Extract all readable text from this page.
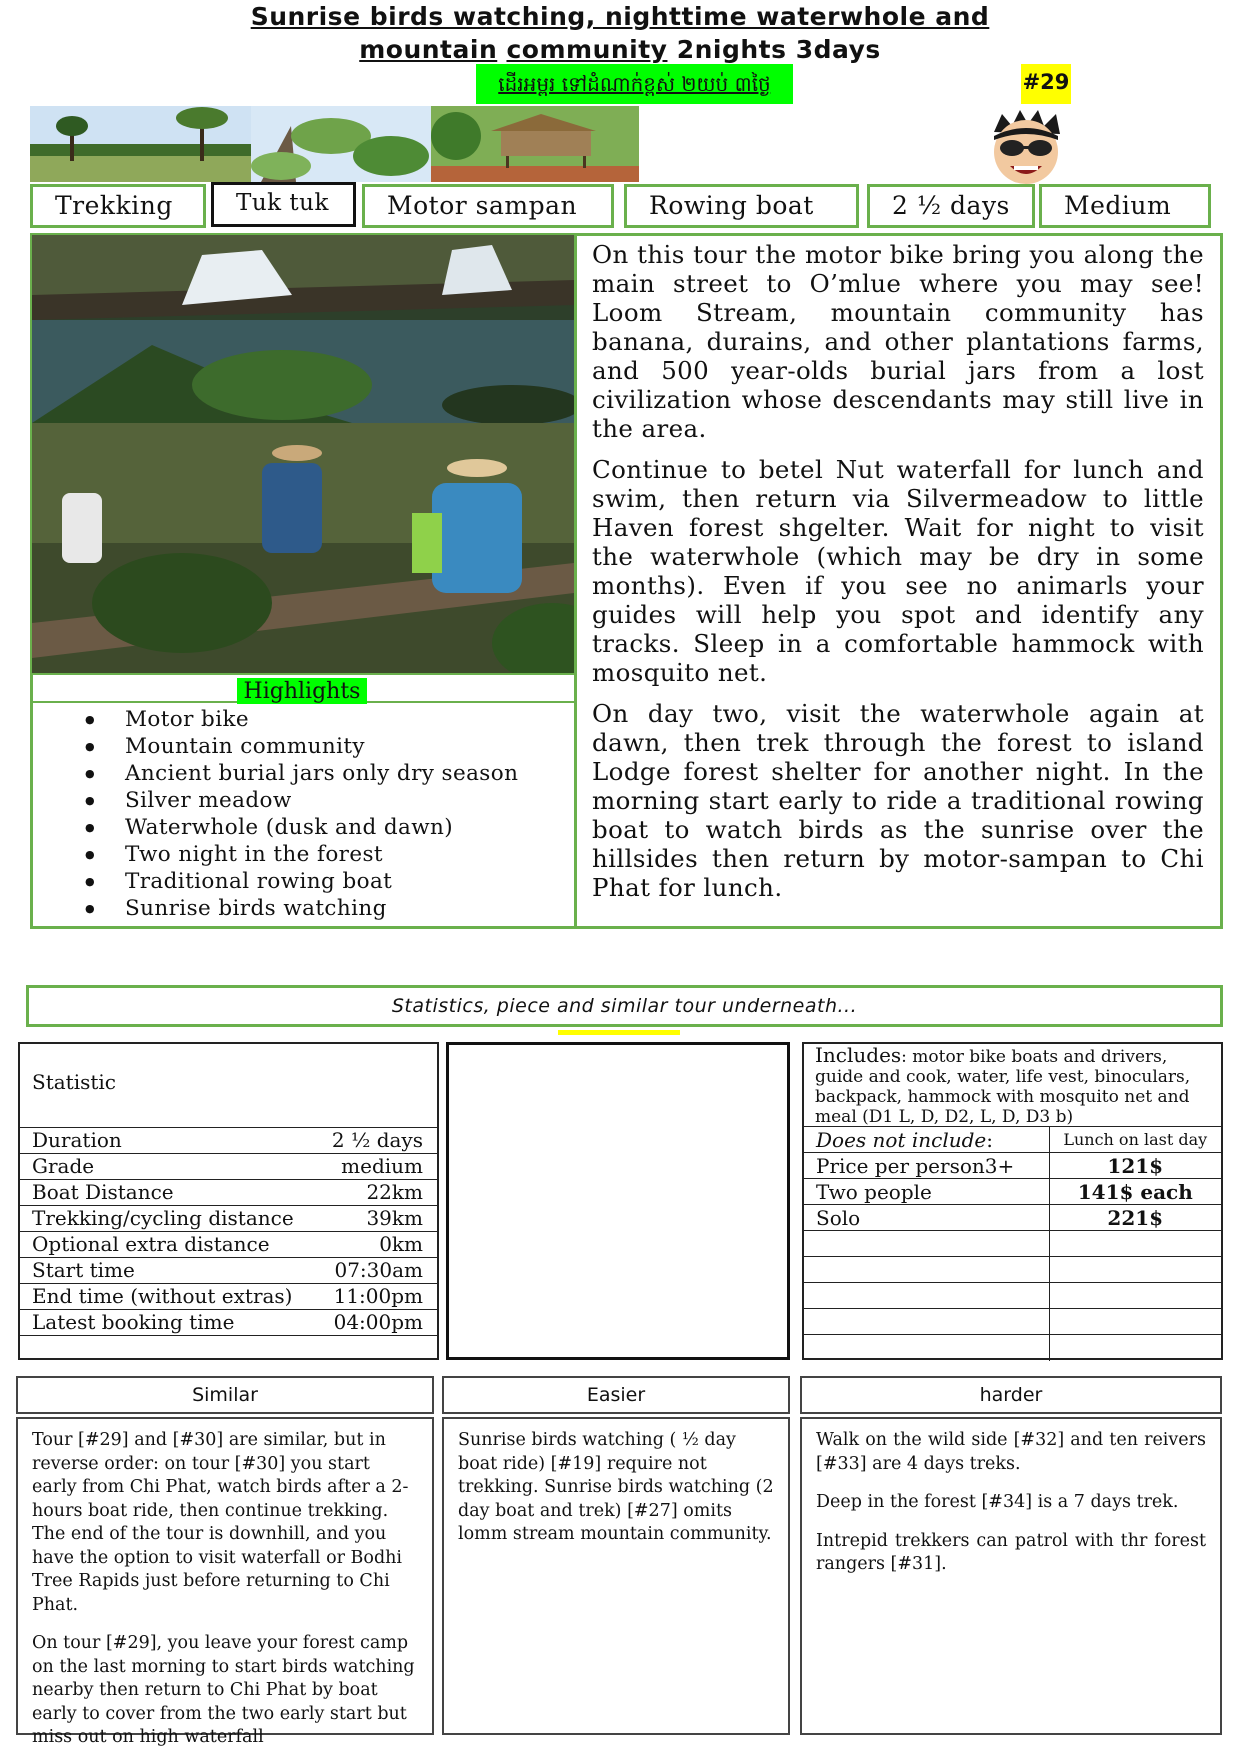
Sunrise birds watching, nighttime waterwhole and
mountain community 2nights 3days
ដើរអម្ពរ ទៅដំណាក់ខ្ពស់ ២យប់ ៣ថ្ងៃ	#29
Trekking	Tuk tuk	Motor sampan	Rowing boat	2 ½ days	Medium

On this tour the motor bike bring you along the main street to O’mlue where you may see! Loom Stream, mountain community has banana, durains, and other plantations farms, and 500 year-olds burial jars from a lost civilization whose descendants may still live in the area.

Continue to betel Nut waterfall for lunch and swim, then return via Silvermeadow to little Haven forest shgelter. Wait for night to visit the waterwhole (which may be dry in some months). Even if you see no animarls your guides will help you spot and identify any tracks. Sleep in a comfortable hammock with mosquito net.

On day two, visit the waterwhole again at dawn, then trek through the forest to island Lodge forest shelter for another night. In the morning start early to ride a traditional rowing boat to watch birds as the sunrise over the hillsides then return by motor-sampan to Chi Phat for lunch.

Highlights
● Motor bike
● Mountain community
● Ancient burial jars only dry season
● Silver meadow
● Waterwhole (dusk and dawn)
● Two night in the forest
● Traditional rowing boat
● Sunrise birds watching
Statistics, piece and similar tour underneath...
Statistic
Duration	2 ½ days
Grade	medium
Boat Distance	22km
Trekking/cycling distance	39km
Optional extra distance	0km
Start time	07:30am
End time (without extras)	11:00pm
Latest booking time	04:00pm

Includes: motor bike boats and drivers, guide and cook, water, life vest, binoculars, backpack, hammock with mosquito net and meal (D1 L, D, D2, L, D, D3 b)
Does not include:	Lunch on last day
Price per person3+	121$
Two people	141$ each
Solo	221$

Similar

Tour [#29] and [#30] are similar, but in reverse order: on tour [#30] you start early from Chi Phat, watch birds after a 2-hours boat ride, then continue trekking. The end of the tour is downhill, and you have the option to visit waterfall or Bodhi Tree Rapids just before returning to Chi Phat.

On tour [#29], you leave your forest camp on the last morning to start birds watching nearby then return to Chi Phat by boat early to cover from the two early start but miss out on high waterfall

Easier

Sunrise birds watching ( ½ day boat ride) [#19] require not trekking. Sunrise birds watching (2 day boat and trek) [#27] omits lomm stream mountain community.

harder

Walk on the wild side [#32] and ten reivers [#33] are 4 days treks.

Deep in the forest [#34] is a 7 days trek.

Intrepid trekkers can patrol with thr forest rangers [#31].
